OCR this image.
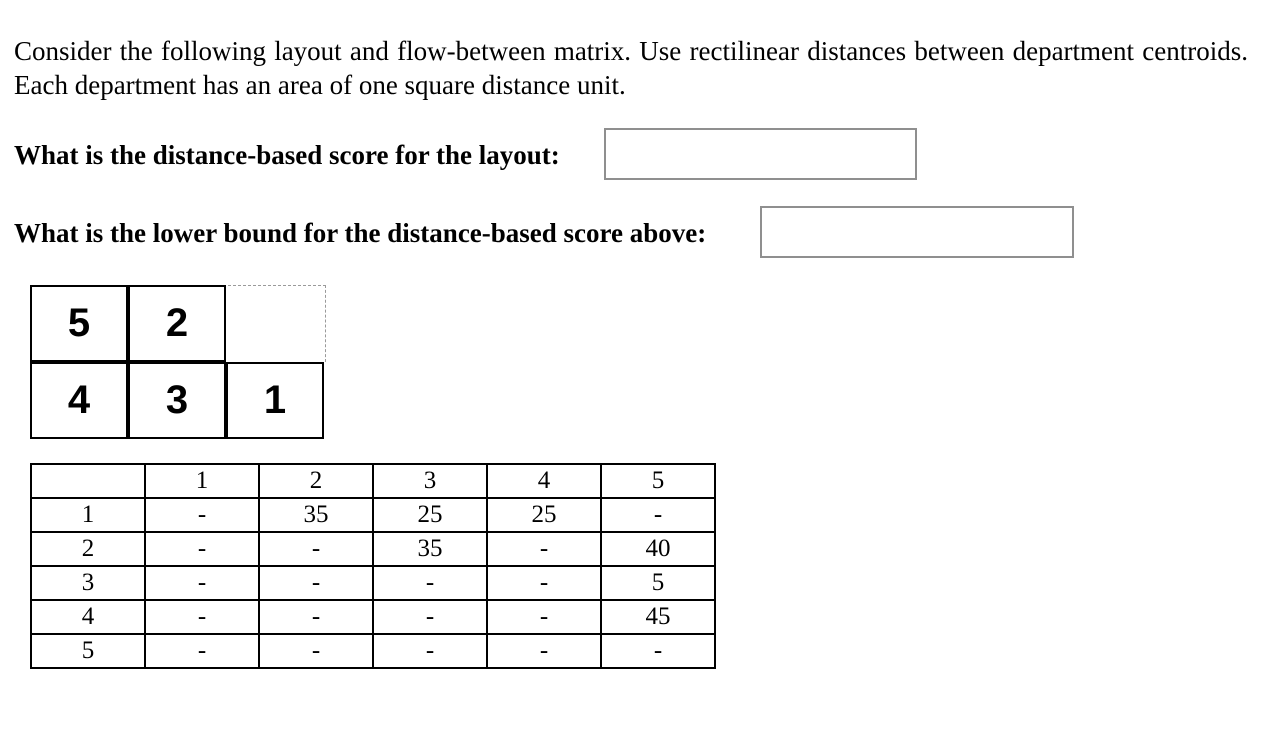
Consider the following layout and flow-between matrix. Use rectilinear distances between department centroids. Each department has an area of one square distance unit.

What is the distance-based score for the layout:
What is the lower bound for the distance-based score above:
5	2
4	3	1
	1	2	3	4	5
1	-	35	25	25	-
2	-	-	35	-	40
3	-	-	-	-	5
4	-	-	-	-	45
5	-	-	-	-	-
